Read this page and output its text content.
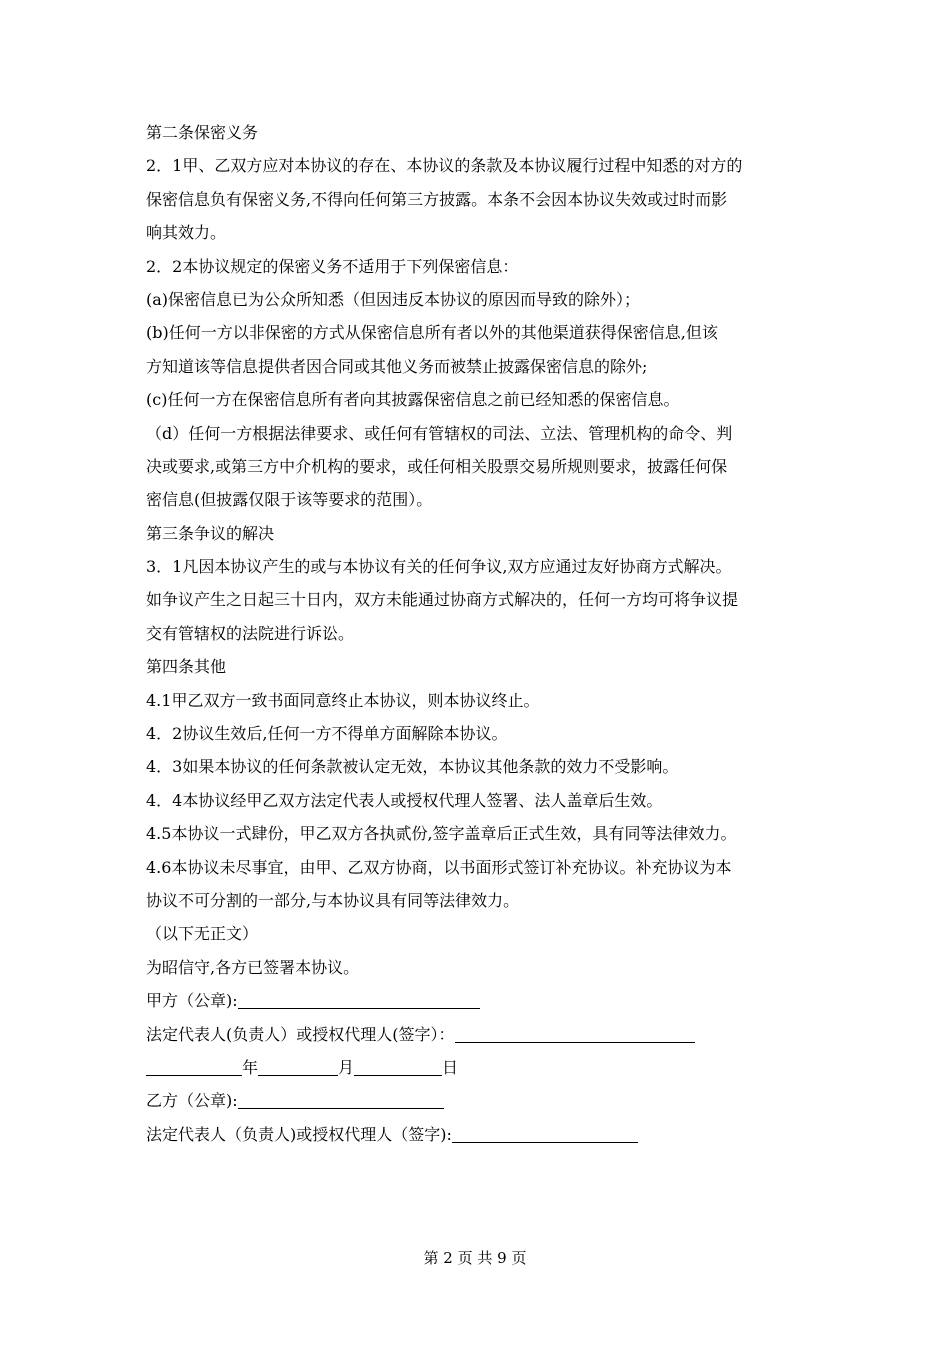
第二条保密义务
2．1甲、乙双方应对本协议的存在、本协议的条款及本协议履行过程中知悉的对方的
保密信息负有保密义务,不得向任何第三方披露。本条不会因本协议失效或过时而影
响其效力。
2．2本协议规定的保密义务不适用于下列保密信息：
(a)保密信息已为公众所知悉（但因违反本协议的原因而导致的除外）；
(b)任何一方以非保密的方式从保密信息所有者以外的其他渠道获得保密信息,但该
方知道该等信息提供者因合同或其他义务而被禁止披露保密信息的除外;
(c)任何一方在保密信息所有者向其披露保密信息之前已经知悉的保密信息。
（d）任何一方根据法律要求、或任何有管辖权的司法、立法、管理机构的命令、判
决或要求,或第三方中介机构的要求，或任何相关股票交易所规则要求，披露任何保
密信息(但披露仅限于该等要求的范围）。
第三条争议的解决
3．1凡因本协议产生的或与本协议有关的任何争议,双方应通过友好协商方式解决。
如争议产生之日起三十日内，双方未能通过协商方式解决的，任何一方均可将争议提
交有管辖权的法院进行诉讼。
第四条其他
4.1甲乙双方一致书面同意终止本协议，则本协议终止。
4．2协议生效后,任何一方不得单方面解除本协议。
4．3如果本协议的任何条款被认定无效，本协议其他条款的效力不受影响。
4．4本协议经甲乙双方法定代表人或授权代理人签署、法人盖章后生效。
4.5本协议一式肆份，甲乙双方各执贰份,签字盖章后正式生效，具有同等法律效力。
4.6本协议未尽事宜，由甲、乙双方协商，以书面形式签订补充协议。补充协议为本
协议不可分割的一部分,与本协议具有同等法律效力。
（以下无正文）
为昭信守,各方已签署本协议。
甲方（公章):
法定代表人(负责人）或授权代理人(签字）：
年	月	日
乙方（公章):
法定代表人（负责人)或授权代理人（签字):
第 2 页 共 9 页
